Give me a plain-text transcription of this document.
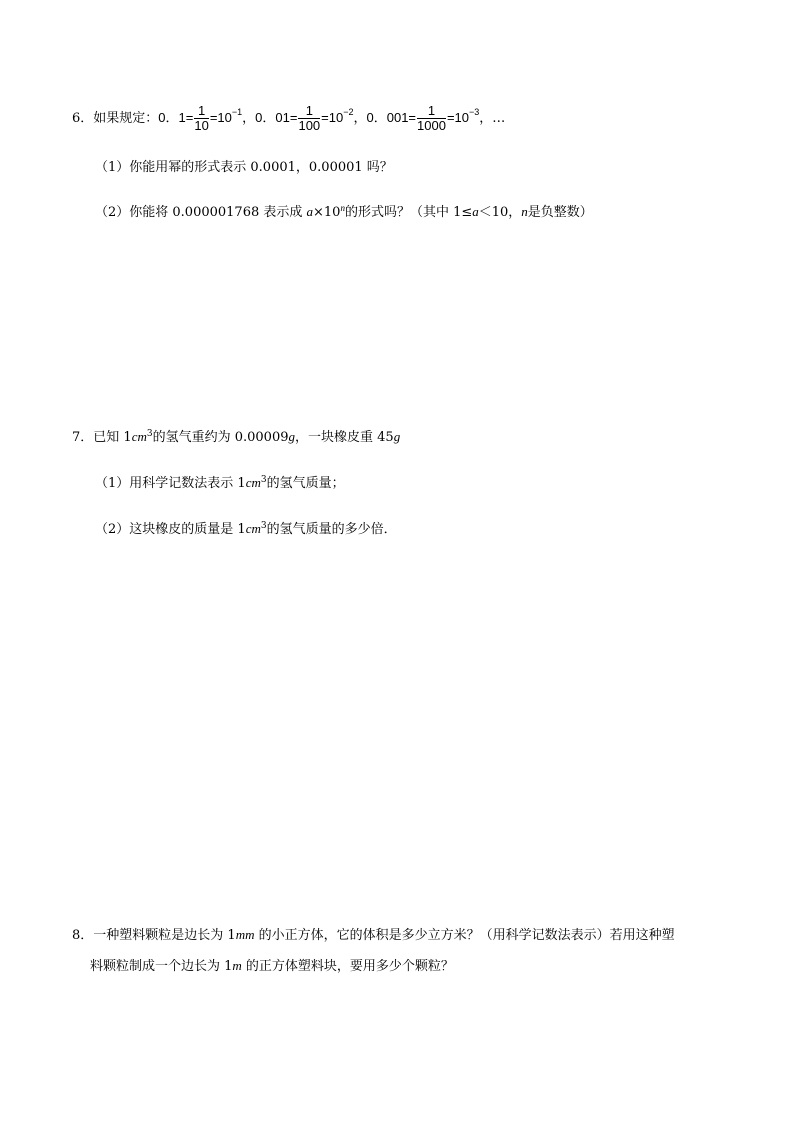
6．如果规定：0．$1= \frac{1}{10} =10^{-1}$，0．$01= \frac{1}{100} =10^{-2}$，0．$001= \frac{1}{1000} =10^{-3}$，…
（1）你能用幂的形式表示 0.0001，0.00001 吗？
（2）你能将 0.000001768 表示成 $a\times 10^n$的形式吗？（其中 1≤a＜10，n是负整数）
7．已知 $1cm^3$的氢气重约为 0.00009g，一块橡皮重 45g
（1）用科学记数法表示 $1cm^3$的氢气质量；
（2）这块橡皮的质量是 $1cm^3$的氢气质量的多少倍．
8．一种塑料颗粒是边长为 1mm 的小正方体，它的体积是多少立方米？（用科学记数法表示）若用这种塑
料颗粒制成一个边长为 1m 的正方体塑料块，要用多少个颗粒？
